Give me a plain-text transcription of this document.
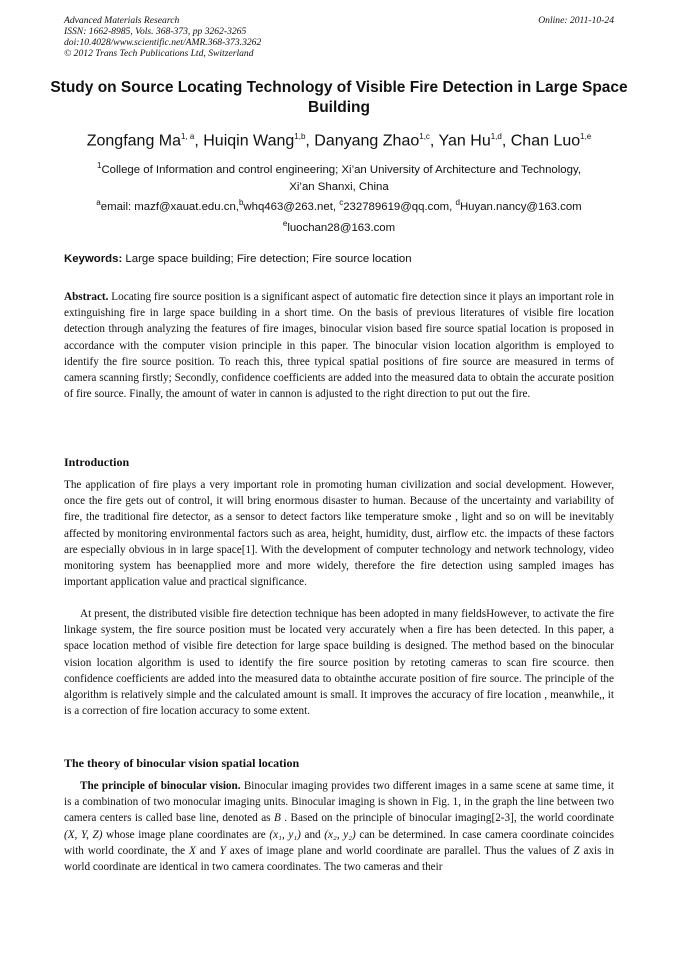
Advanced Materials Research
ISSN: 1662-8985, Vols. 368-373, pp 3262-3265
doi:10.4028/www.scientific.net/AMR.368-373.3262
© 2012 Trans Tech Publications Ltd, Switzerland
Online: 2011-10-24
Study on Source Locating Technology of Visible Fire Detection in Large Space Building
Zongfang Ma$^{1, a}$, Huiqin Wang$^{1,b}$, Danyang Zhao$^{1,c}$, Yan Hu$^{1,d}$, Chan Luo$^{1,e}$
$^1$College of Information and control engineering; Xi’an University of Architecture and Technology,
Xi’an Shanxi, China
$^a$email: mazf@xauat.edu.cn,$^b$whq463@263.net, $^c$232789619@qq.com, $^d$Huyan.nancy@163.com
$^e$luochan28@163.com
Keywords: Large space building; Fire detection; Fire source location
Abstract. Locating fire source position is a significant aspect of automatic fire detection since it plays an important role in extinguishing fire in large space building in a short time. On the basis of previous literatures of visible fire location detection through analyzing the features of fire images, binocular vision based fire source spatial location is proposed in accordance with the computer vision principle in this paper. The binocular vision location algorithm is employed to identify the fire source position. To reach this, three typical spatial positions of fire source are measured in terms of camera scanning firstly; Secondly, confidence coefficients are added into the measured data to obtain the accurate position of fire source. Finally, the amount of water in cannon is adjusted to the right direction to put out the fire.
Introduction
The application of fire plays a very important role in promoting human civilization and social development. However, once the fire gets out of control, it will bring enormous disaster to human. Because of the uncertainty and variability of fire, the traditional fire detector, as a sensor to detect factors like temperature smoke , light and so on will be inevitably affected by monitoring environmental factors such as area, height, humidity, dust, airflow etc. the impacts of these factors are especially obvious in in large space[1]. With the development of computer technology and network technology, video monitoring system has beenapplied more and more widely, therefore the fire detection using sampled images has important application value and practical significance.
At present, the distributed visible fire detection technique has been adopted in many fieldsHowever, to activate the fire linkage system, the fire source position must be located very accurately when a fire has been detected. In this paper, a space location method of visible fire detection for large space building is designed. The method based on the binocular vision location algorithm is used to identify the fire source position by retoting cameras to scan fire scource. then confidence coefficients are added into the measured data to obtainthe accurate position of fire source. The principle of the algorithm is relatively simple and the calculated amount is small. It improves the accuracy of fire location , meanwhile,, it is a correction of fire location accuracy to some extent.
The theory of binocular vision spatial location
The principle of binocular vision. Binocular imaging provides two different images in a same scene at same time, it is a combination of two monocular imaging units. Binocular imaging is shown in Fig. 1, in the graph the line between two camera centers is called base line, denoted as B . Based on the principle of binocular imaging[2-3], the world coordinate (X, Y, Z) whose image plane coordinates are (x₁, y₁) and (x₂, y₂) can be determined. In case camera coordinate coincides with world coordinate, the X and Y axes of image plane and world coordinate are parallel. Thus the values of Z axis in world coordinate are identical in two camera coordinates. The two cameras and their
